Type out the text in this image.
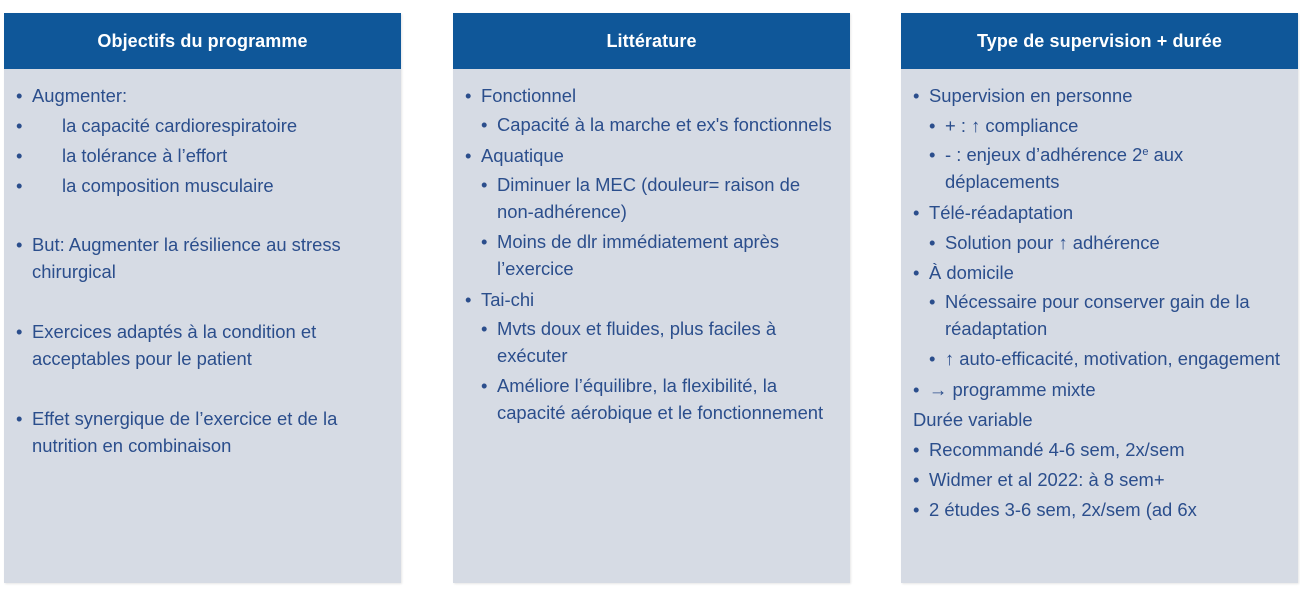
Objectifs du programme
• Augmenter:
•	la capacité cardiorespiratoire
•	la tolérance à l’effort
•	la composition musculaire
• But: Augmenter la résilience au stress chirurgical
• Exercices adaptés à la condition et acceptables pour le patient
• Effet synergique de l’exercice et de la nutrition en combinaison
Littérature
• Fonctionnel
• Capacité à la marche et ex's fonctionnels
• Aquatique
• Diminuer la MEC (douleur= raison de non-adhérence)
• Moins de dlr immédiatement après l’exercice
• Tai-chi
• Mvts doux et fluides, plus faciles à exécuter
• Améliore l’équilibre, la flexibilité, la capacité aérobique et le fonctionnement
Type de supervision + durée
• Supervision en personne
• + : ↑ compliance
• - : enjeux d’adhérence 2e aux déplacements
• Télé-réadaptation
• Solution pour ↑ adhérence
• À domicile
• Nécessaire pour conserver gain de la réadaptation
• ↑ auto-efficacité, motivation, engagement
• → programme mixte
Durée variable
• Recommandé 4-6 sem, 2x/sem
• Widmer et al 2022: à 8 sem+
• 2 études 3-6 sem, 2x/sem (ad 6x
